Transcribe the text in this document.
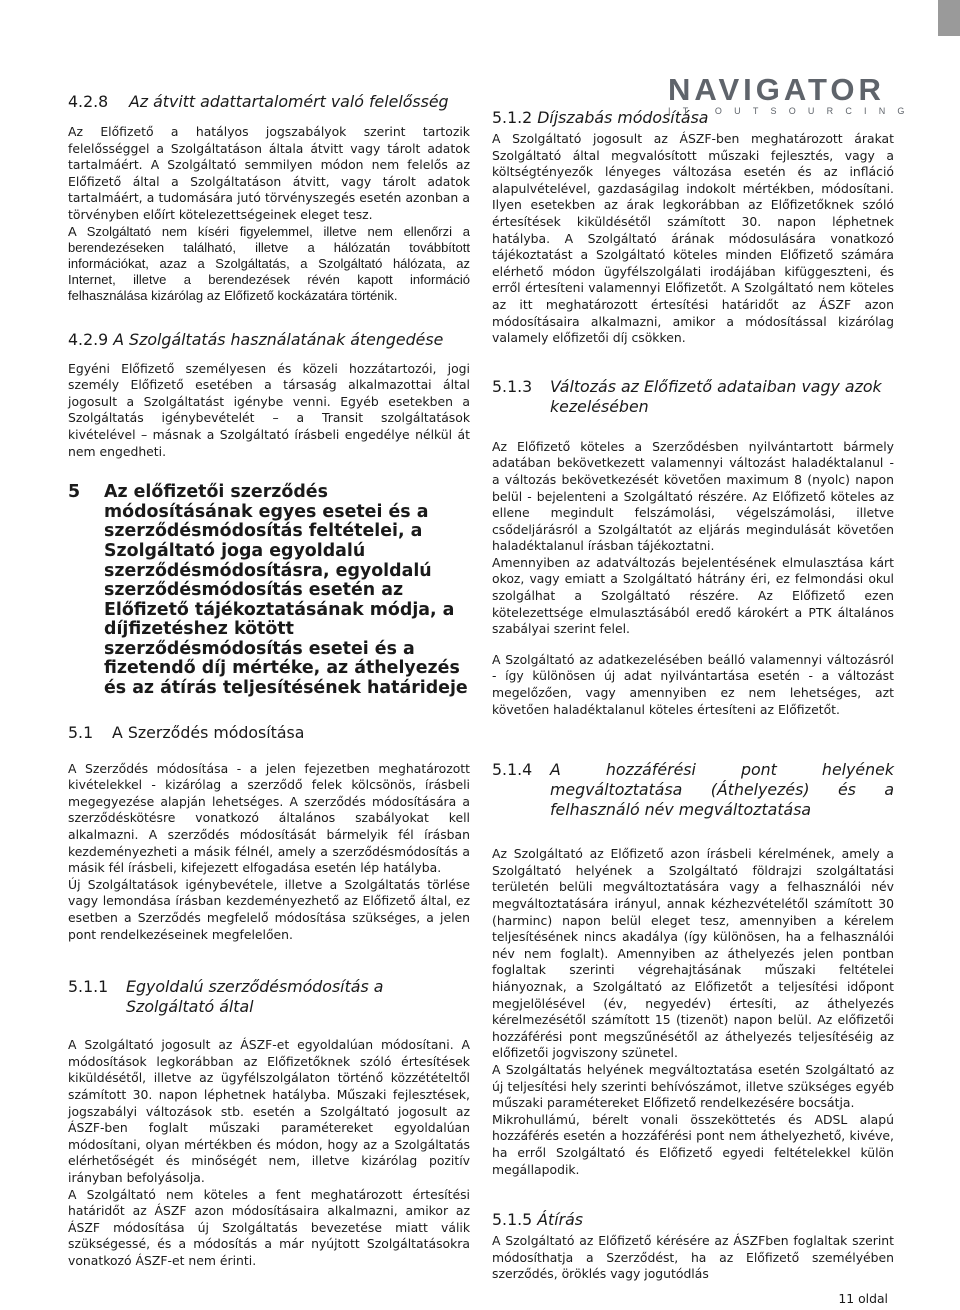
NAVIGATOR
IT OUTSOURCING
4.2.8	Az átvitt adattartalomért való felelősség

Az Előfizető a hatályos jogszabályok szerint tartozik felelősséggel a Szolgáltatáson általa átvitt vagy tárolt adatok tartalmáért. A Szolgáltató semmilyen módon nem felelős az Előfizető által a Szolgáltatáson átvitt, vagy tárolt adatok tartalmáért, a tudomására jutó törvényszegés esetén azonban a törvényben előírt kötelezettségeinek eleget tesz.

A Szolgáltató nem kíséri figyelemmel, illetve nem ellenőrzi a berendezéseken található, illetve a hálózatán továbbított információkat, azaz a Szolgáltatás, a Szolgáltató hálózata, az Internet, illetve a berendezések révén kapott információ felhasználása kizárólag az Előfizető kockázatára történik.

4.2.9 A Szolgáltatás használatának átengedése

Egyéni Előfizető személyesen és közeli hozzátartozói, jogi személy Előfizető esetében a társaság alkalmazottai által jogosult a Szolgáltatást igénybe venni. Egyéb esetekben a Szolgáltatás igénybevételét – a Transit szolgáltatások kivételével – másnak a Szolgáltató írásbeli engedélye nélkül át nem engedheti.

5	Az előfizetői szerződés módosításának egyes esetei és a szerződésmódosítás feltételei, a Szolgáltató joga egyoldalú szerződésmódosításra, egyoldalú szerződésmódosítás esetén az Előfizető tájékoztatásának módja, a díjfizetéshez kötött szerződésmódosítás esetei és a fizetendő díj mértéke, az áthelyezés és az átírás teljesítésének határideje
5.1	A Szerződés módosítása

A Szerződés módosítása - a jelen fejezetben meghatározott kivételekkel - kizárólag a szerződő felek kölcsönös, írásbeli megegyezése alapján lehetséges. A szerződés módosítására a szerződéskötésre vonatkozó általános szabályokat kell alkalmazni. A szerződés módosítását bármelyik fél írásban kezdeményezheti a másik félnél, amely a szerződésmódosítás a másik fél írásbeli, kifejezett elfogadása esetén lép hatályba.

Új Szolgáltatások igénybevétele, illetve a Szolgáltatás törlése vagy lemondása írásban kezdeményezhető az Előfizető által, ez esetben a Szerződés megfelelő módosítása szükséges, a jelen pont rendelkezéseinek megfelelően.

5.1.1	Egyoldalú szerződésmódosítás a Szolgáltató által

A Szolgáltató jogosult az ÁSZF-et egyoldalúan módosítani. A módosítások legkorábban az Előfizetőknek szóló értesítések kiküldésétől, illetve az ügyfélszolgálaton történő közzétételtől számított 30. napon léphetnek hatályba. Műszaki fejlesztések, jogszabályi változások stb. esetén a Szolgáltató jogosult az ÁSZF-ben foglalt műszaki paramétereket egyoldalúan módosítani, olyan mértékben és módon, hogy az a Szolgáltatás elérhetőségét és minőségét nem, illetve kizárólag pozitív irányban befolyásolja.

A Szolgáltató nem köteles a fent meghatározott értesítési határidőt az ÁSZF azon módosításaira alkalmazni, amikor az ÁSZF módosítása új Szolgáltatás bevezetése miatt válik szükségessé, és a módosítás a már nyújtott Szolgáltatásokra vonatkozó ÁSZF-et nem érinti.

5.1.2 Díjszabás módosítása

A Szolgáltató jogosult az ÁSZF-ben meghatározott árakat Szolgáltató által megvalósított műszaki fejlesztés, vagy a költségtényezők lényeges változása esetén és az infláció alapulvételével, gazdaságilag indokolt mértékben, módosítani. Ilyen esetekben az árak legkorábban az Előfizetőknek szóló értesítések kiküldésétől számított 30. napon léphetnek hatályba. A Szolgáltató árának módosulására vonatkozó tájékoztatást a Szolgáltató köteles minden Előfizető számára elérhető módon ügyfélszolgálati irodájában kifüggeszteni, és erről értesíteni valamennyi Előfizetőt. A Szolgáltató nem köteles az itt meghatározott értesítési határidőt az ÁSZF azon módosításaira alkalmazni, amikor a módosítással kizárólag valamely előfizetői díj csökken.

5.1.3	Változás az Előfizető adataiban vagy azok kezelésében

Az Előfizető köteles a Szerződésben nyilvántartott bármely adatában bekövetkezett valamennyi változást haladéktalanul - a változás bekövetkezését követően maximum 8 (nyolc) napon belül - bejelenteni a Szolgáltató részére. Az Előfizető köteles az ellene megindult felszámolási, végelszámolási, illetve csődeljárásról a Szolgáltatót az eljárás megindulását követően haladéktalanul írásban tájékoztatni.

Amennyiben az adatváltozás bejelentésének elmulasztása kárt okoz, vagy emiatt a Szolgáltató hátrány éri, ez felmondási okul szolgálhat a Szolgáltató részére. Az Előfizető ezen kötelezettsége elmulasztásából eredő károkért a PTK általános szabályai szerint felel.

A Szolgáltató az adatkezelésében beálló valamennyi változásról - így különösen új adat nyilvántartása esetén - a változást megelőzően, vagy amennyiben ez nem lehetséges, azt követően haladéktalanul köteles értesíteni az Előfizetőt.

5.1.4	A hozzáférési pont helyének megváltoztatása (Áthelyezés) és a felhasználó név megváltoztatása

Az Szolgáltató az Előfizető azon írásbeli kérelmének, amely a Szolgáltató helyének a Szolgáltató földrajzi szolgáltatási területén belüli megváltoztatására vagy a felhasználói név megváltoztatására irányul, annak kézhezvételétől számított 30 (harminc) napon belül eleget tesz, amennyiben a kérelem teljesítésének nincs akadálya (így különösen, ha a felhasználói név nem foglalt). Amennyiben az áthelyezés jelen pontban foglaltak szerinti végrehajtásának műszaki feltételei hiányoznak, a Szolgáltató az Előfizetőt a teljesítési időpont megjelölésével (év, negyedév) értesíti, az áthelyezés kérelmezésétől számított 15 (tizenöt) napon belül. Az előfizetői hozzáférési pont megszűnésétől az áthelyezés teljesítéséig az előfizetői jogviszony szünetel.

A Szolgáltatás helyének megváltoztatása esetén Szolgáltató az új teljesítési hely szerinti behívószámot, illetve szükséges egyéb műszaki paramétereket Előfizető rendelkezésére bocsátja.

Mikrohullámú, bérelt vonali összeköttetés és ADSL alapú hozzáférés esetén a hozzáférési pont nem áthelyezhető, kivéve, ha erről Szolgáltató és Előfizető egyedi feltételekkel külön megállapodik.

5.1.5 Átírás

A Szolgáltató az Előfizető kérésére az ÁSZFben foglaltak szerint módosíthatja a Szerződést, ha az Előfizető személyében szerződés, öröklés vagy jogutódlás

11 oldal
